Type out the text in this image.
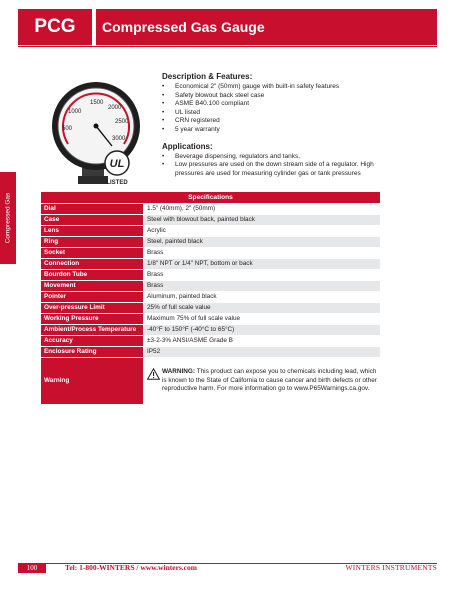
PCG	Compressed Gas Gauge
Compressed Gas
1500
2000
1000
2500
500
3000
UL
LISTED
Description & Features:
• Economical 2" (50mm) gauge with built-in safety features
• Safety blowout back steel case
• ASME B40.100 compliant
• UL listed
• CRN registered
• 5 year warranty
Applications:
• Beverage dispensing, regulators and tanks.
• Low pressures are used on the down stream side of a regulator. High pressures are used for measuring cylinder gas or tank pressures
Specifications	
Dial	1.5" (40mm), 2" (50mm)
Case	Steel with blowout back, painted black
Lens	Acrylic
Ring	Steel, painted black
Socket	Brass
Connection	1/8" NPT or 1/4" NPT, bottom or back
Bourdon Tube	Brass
Movement	Brass
Pointer	Aluminum, painted black
Over-pressure Limit	25% of full scale value
Working Pressure	Maximum 75% of full scale value
Ambient/Process Temperature	-40°F to 150°F (-40°C to 65°C)
Accuracy	±3-2-3% ANSI/ASME Grade B
Enclosure Rating	IP52
Warning	WARNING: This product can expose you to chemicals including lead, which is known to the State of California to cause cancer and birth defects or other reproductive harm. For more information go to www.P65Warnings.ca.gov.
100	Tel: 1-800-WINTERS / www.winters.com	WINTERS INSTRUMENTS
